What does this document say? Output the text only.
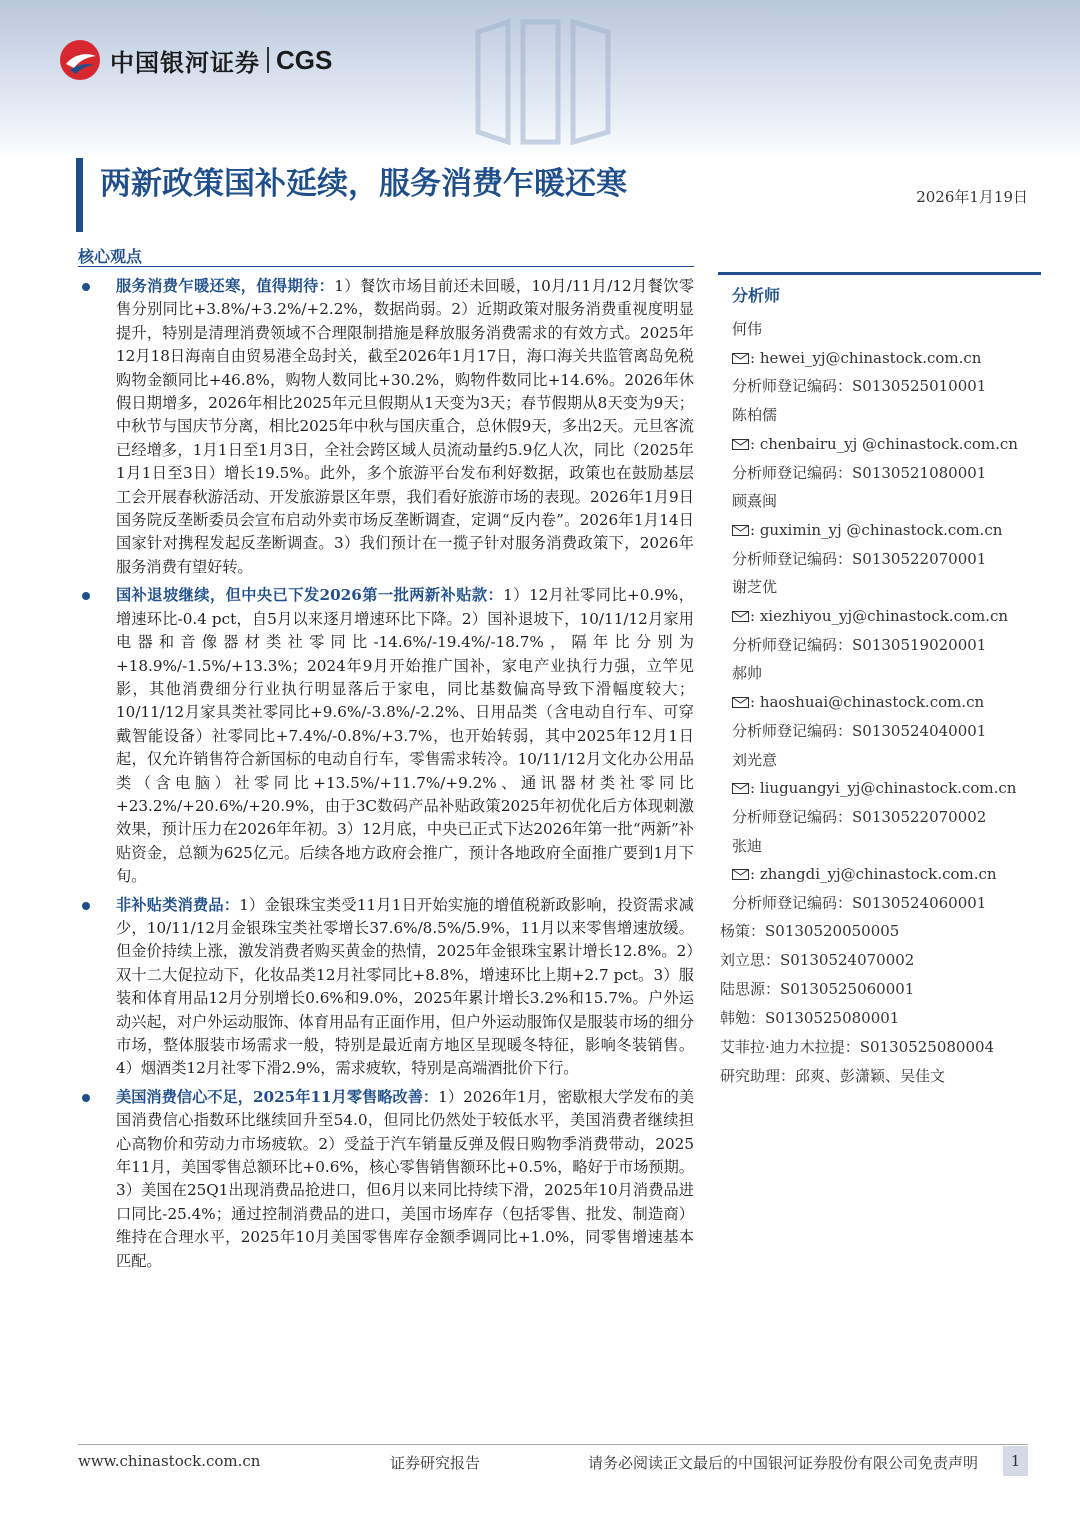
中国银河证券 CGS
两新政策国补延续，服务消费乍暖还寒	2026年1月19日
核心观点
服务消费乍暖还寒，值得期待：1）餐饮市场目前还未回暖，10月/11月/12月餐饮零售分别同比+3.8%/+3.2%/+2.2%，数据尚弱。2）近期政策对服务消费重视度明显提升，特别是清理消费领域不合理限制措施是释放服务消费需求的有效方式。2025年12月18日海南自由贸易港全岛封关，截至2026年1月17日，海口海关共监管离岛免税购物金额同比+46.8%，购物人数同比+30.2%，购物件数同比+14.6%。2026年休假日期增多，2026年相比2025年元旦假期从1天变为3天；春节假期从8天变为9天；中秋节与国庆节分离，相比2025年中秋与国庆重合，总休假9天，多出2天。元旦客流已经增多，1月1日至1月3日，全社会跨区域人员流动量约5.9亿人次，同比（2025年1月1日至3日）增长19.5%。此外，多个旅游平台发布利好数据，政策也在鼓励基层工会开展春秋游活动、开发旅游景区年票，我们看好旅游市场的表现。2026年1月9日国务院反垄断委员会宣布启动外卖市场反垄断调查，定调“反内卷”。2026年1月14日国家针对携程发起反垄断调查。3）我们预计在一揽子针对服务消费政策下，2026年服务消费有望好转。
国补退坡继续，但中央已下发2026第一批两新补贴款：1）12月社零同比+0.9%，增速环比-0.4 pct，自5月以来逐月增速环比下降。2）国补退坡下，10/11/12月家用电器和音像器材类社零同比-14.6%/-19.4%/-18.7%，隔年比分别为+18.9%/-1.5%/+13.3%；2024年9月开始推广国补，家电产业执行力强，立竿见影，其他消费细分行业执行明显落后于家电，同比基数偏高导致下滑幅度较大；10/11/12月家具类社零同比+9.6%/-3.8%/-2.2%、日用品类（含电动自行车、可穿戴智能设备）社零同比+7.4%/-0.8%/+3.7%，也开始转弱，其中2025年12月1日起，仅允许销售符合新国标的电动自行车，零售需求转冷。10/11/12月文化办公用品类（含电脑）社零同比+13.5%/+11.7%/+9.2%、通讯器材类社零同比+23.2%/+20.6%/+20.9%，由于3C数码产品补贴政策2025年初优化后方体现刺激效果，预计压力在2026年年初。3）12月底，中央已正式下达2026年第一批“两新”补贴资金，总额为625亿元。后续各地方政府会推广，预计各地政府全面推广要到1月下旬。
非补贴类消费品：1）金银珠宝类受11月1日开始实施的增值税新政影响，投资需求减少，10/11/12月金银珠宝类社零增长37.6%/8.5%/5.9%，11月以来零售增速放缓。但金价持续上涨，激发消费者购买黄金的热情，2025年金银珠宝累计增长12.8%。2）双十二大促拉动下，化妆品类12月社零同比+8.8%，增速环比上期+2.7 pct。3）服装和体育用品12月分别增长0.6%和9.0%，2025年累计增长3.2%和15.7%。户外运动兴起，对户外运动服饰、体育用品有正面作用，但户外运动服饰仅是服装市场的细分市场，整体服装市场需求一般，特别是最近南方地区呈现暖冬特征，影响冬装销售。4）烟酒类12月社零下滑2.9%，需求疲软，特别是高端酒批价下行。
美国消费信心不足，2025年11月零售略改善：1）2026年1月，密歇根大学发布的美国消费信心指数环比继续回升至54.0，但同比仍然处于较低水平，美国消费者继续担心高物价和劳动力市场疲软。2）受益于汽车销量反弹及假日购物季消费带动，2025年11月，美国零售总额环比+0.6%，核心零售销售额环比+0.5%，略好于市场预期。3）美国在25Q1出现消费品抢进口，但6月以来同比持续下滑，2025年10月消费品进口同比-25.4%；通过控制消费品的进口，美国市场库存（包括零售、批发、制造商）维持在合理水平，2025年10月美国零售库存金额季调同比+1.0%，同零售增速基本匹配。
分析师
何伟
: hewei_yj@chinastock.com.cn
分析师登记编码：S0130525010001
陈柏儒
: chenbairu_yj @chinastock.com.cn
分析师登记编码：S0130521080001
顾熹闽
: guximin_yj @chinastock.com.cn
分析师登记编码：S0130522070001
谢芝优
: xiezhiyou_yj@chinastock.com.cn
分析师登记编码：S0130519020001
郝帅
: haoshuai@chinastock.com.cn
分析师登记编码：S0130524040001
刘光意
: liuguangyi_yj@chinastock.com.cn
分析师登记编码：S0130522070002
张迪
: zhangdi_yj@chinastock.com.cn
分析师登记编码：S0130524060001
杨策：S0130520050005
刘立思：S0130524070002
陆思源：S0130525060001
韩勉：S0130525080001
艾菲拉·迪力木拉提：S0130525080004
研究助理：邱爽、彭潇颖、吴佳文
www.chinastock.com.cn	证券研究报告	请务必阅读正文最后的中国银河证券股份有限公司免责声明	1
